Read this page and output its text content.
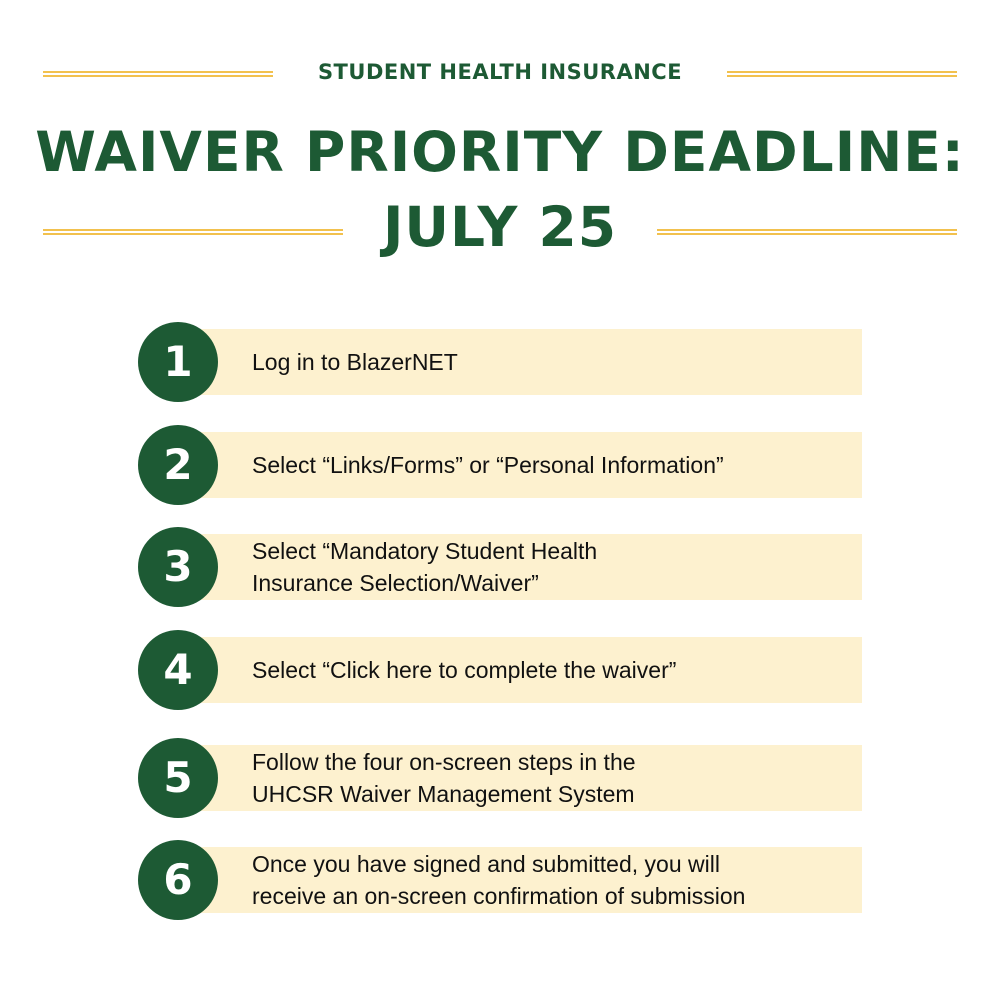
STUDENT HEALTH INSURANCE
WAIVER PRIORITY DEADLINE:
JULY 25
1	Log in to BlazerNET
2	Select “Links/Forms” or “Personal Information”
3	Select “Mandatory Student Health
Insurance Selection/Waiver”
4	Select “Click here to complete the waiver”
5	Follow the four on-screen steps in the
UHCSR Waiver Management System
6	Once you have signed and submitted, you will
receive an on-screen confirmation of submission
